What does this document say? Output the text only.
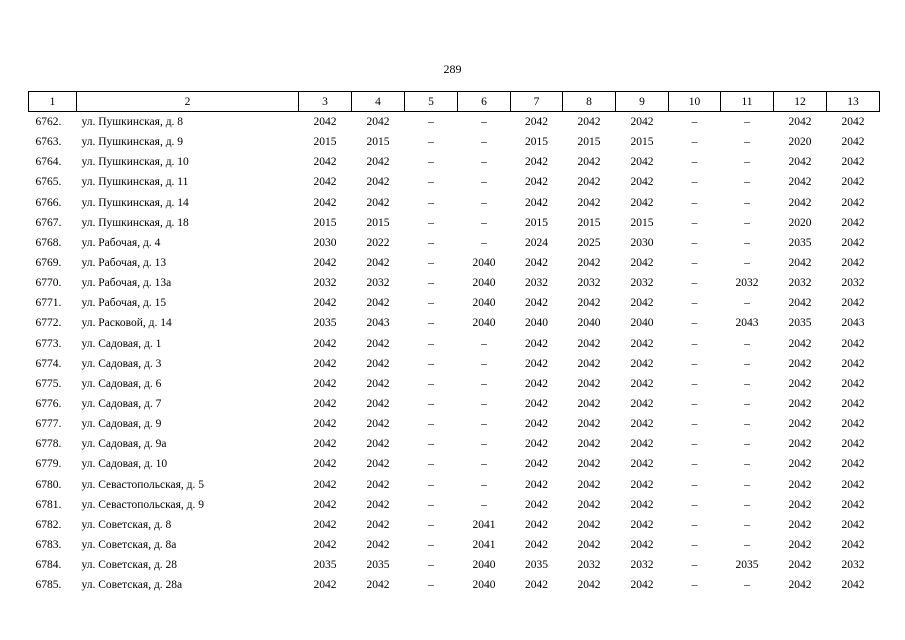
289
1	2	3	4	5	6	7	8	9	10	11	12	13
6762.	ул. Пушкинская, д. 8	2042	2042	–	–	2042	2042	2042	–	–	2042	2042
6763.	ул. Пушкинская, д. 9	2015	2015	–	–	2015	2015	2015	–	–	2020	2042
6764.	ул. Пушкинская, д. 10	2042	2042	–	–	2042	2042	2042	–	–	2042	2042
6765.	ул. Пушкинская, д. 11	2042	2042	–	–	2042	2042	2042	–	–	2042	2042
6766.	ул. Пушкинская, д. 14	2042	2042	–	–	2042	2042	2042	–	–	2042	2042
6767.	ул. Пушкинская, д. 18	2015	2015	–	–	2015	2015	2015	–	–	2020	2042
6768.	ул. Рабочая, д. 4	2030	2022	–	–	2024	2025	2030	–	–	2035	2042
6769.	ул. Рабочая, д. 13	2042	2042	–	2040	2042	2042	2042	–	–	2042	2042
6770.	ул. Рабочая, д. 13а	2032	2032	–	2040	2032	2032	2032	–	2032	2032	2032
6771.	ул. Рабочая, д. 15	2042	2042	–	2040	2042	2042	2042	–	–	2042	2042
6772.	ул. Расковой, д. 14	2035	2043	–	2040	2040	2040	2040	–	2043	2035	2043
6773.	ул. Садовая, д. 1	2042	2042	–	–	2042	2042	2042	–	–	2042	2042
6774.	ул. Садовая, д. 3	2042	2042	–	–	2042	2042	2042	–	–	2042	2042
6775.	ул. Садовая, д. 6	2042	2042	–	–	2042	2042	2042	–	–	2042	2042
6776.	ул. Садовая, д. 7	2042	2042	–	–	2042	2042	2042	–	–	2042	2042
6777.	ул. Садовая, д. 9	2042	2042	–	–	2042	2042	2042	–	–	2042	2042
6778.	ул. Садовая, д. 9а	2042	2042	–	–	2042	2042	2042	–	–	2042	2042
6779.	ул. Садовая, д. 10	2042	2042	–	–	2042	2042	2042	–	–	2042	2042
6780.	ул. Севастопольская, д. 5	2042	2042	–	–	2042	2042	2042	–	–	2042	2042
6781.	ул. Севастопольская, д. 9	2042	2042	–	–	2042	2042	2042	–	–	2042	2042
6782.	ул. Советская, д. 8	2042	2042	–	2041	2042	2042	2042	–	–	2042	2042
6783.	ул. Советская, д. 8а	2042	2042	–	2041	2042	2042	2042	–	–	2042	2042
6784.	ул. Советская, д. 28	2035	2035	–	2040	2035	2032	2032	–	2035	2042	2032
6785.	ул. Советская, д. 28а	2042	2042	–	2040	2042	2042	2042	–	–	2042	2042
